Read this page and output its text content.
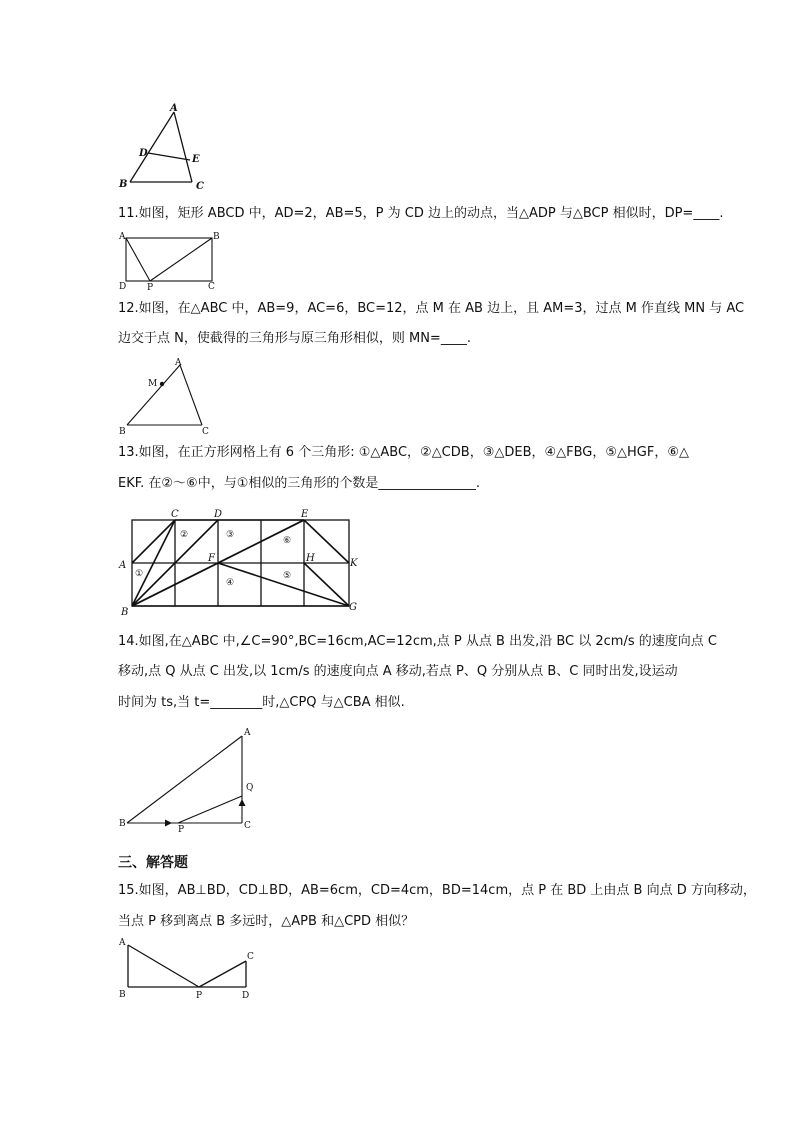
A
D
E
B	C
11.如图，矩形 ABCD 中，AD=2，AB=5，P 为 CD 边上的动点，当△ADP 与△BCP 相似时，DP=____.
A	B
D P	C
12.如图，在△ABC 中，AB=9，AC=6，BC=12，点 M 在 AB 边上，且 AM=3，过点 M 作直线 MN 与 AC
边交于点 N，使截得的三角形与原三角形相似，则 MN=____.
A
M
B	C
13.如图，在正方形网格上有 6 个三角形: ①△ABC，②△CDB，③△DEB，④△FBG，⑤△HGF，⑥△
EKF. 在②～⑥中，与①相似的三角形的个数是_______________.
C	D	E
A
F	H	K
B	G
①
②	③
④
⑤
⑥
14.如图,在△ABC 中,∠C=90°,BC=16cm,AC=12cm,点 P 从点 B 出发,沿 BC 以 2cm/s 的速度向点 C
移动,点 Q 从点 C 出发,以 1cm/s 的速度向点 A 移动,若点 P、Q 分别从点 B、C 同时出发,设运动
时间为 ts,当 t=________时,△CPQ 与△CBA 相似.
A
Q
B
P	C
三、解答题
15.如图，AB⊥BD，CD⊥BD，AB=6cm，CD=4cm，BD=14cm，点 P 在 BD 上由点 B 向点 D 方向移动，
当点 P 移到离点 B 多远时，△APB 和△CPD 相似？
A
C
B	P	D
